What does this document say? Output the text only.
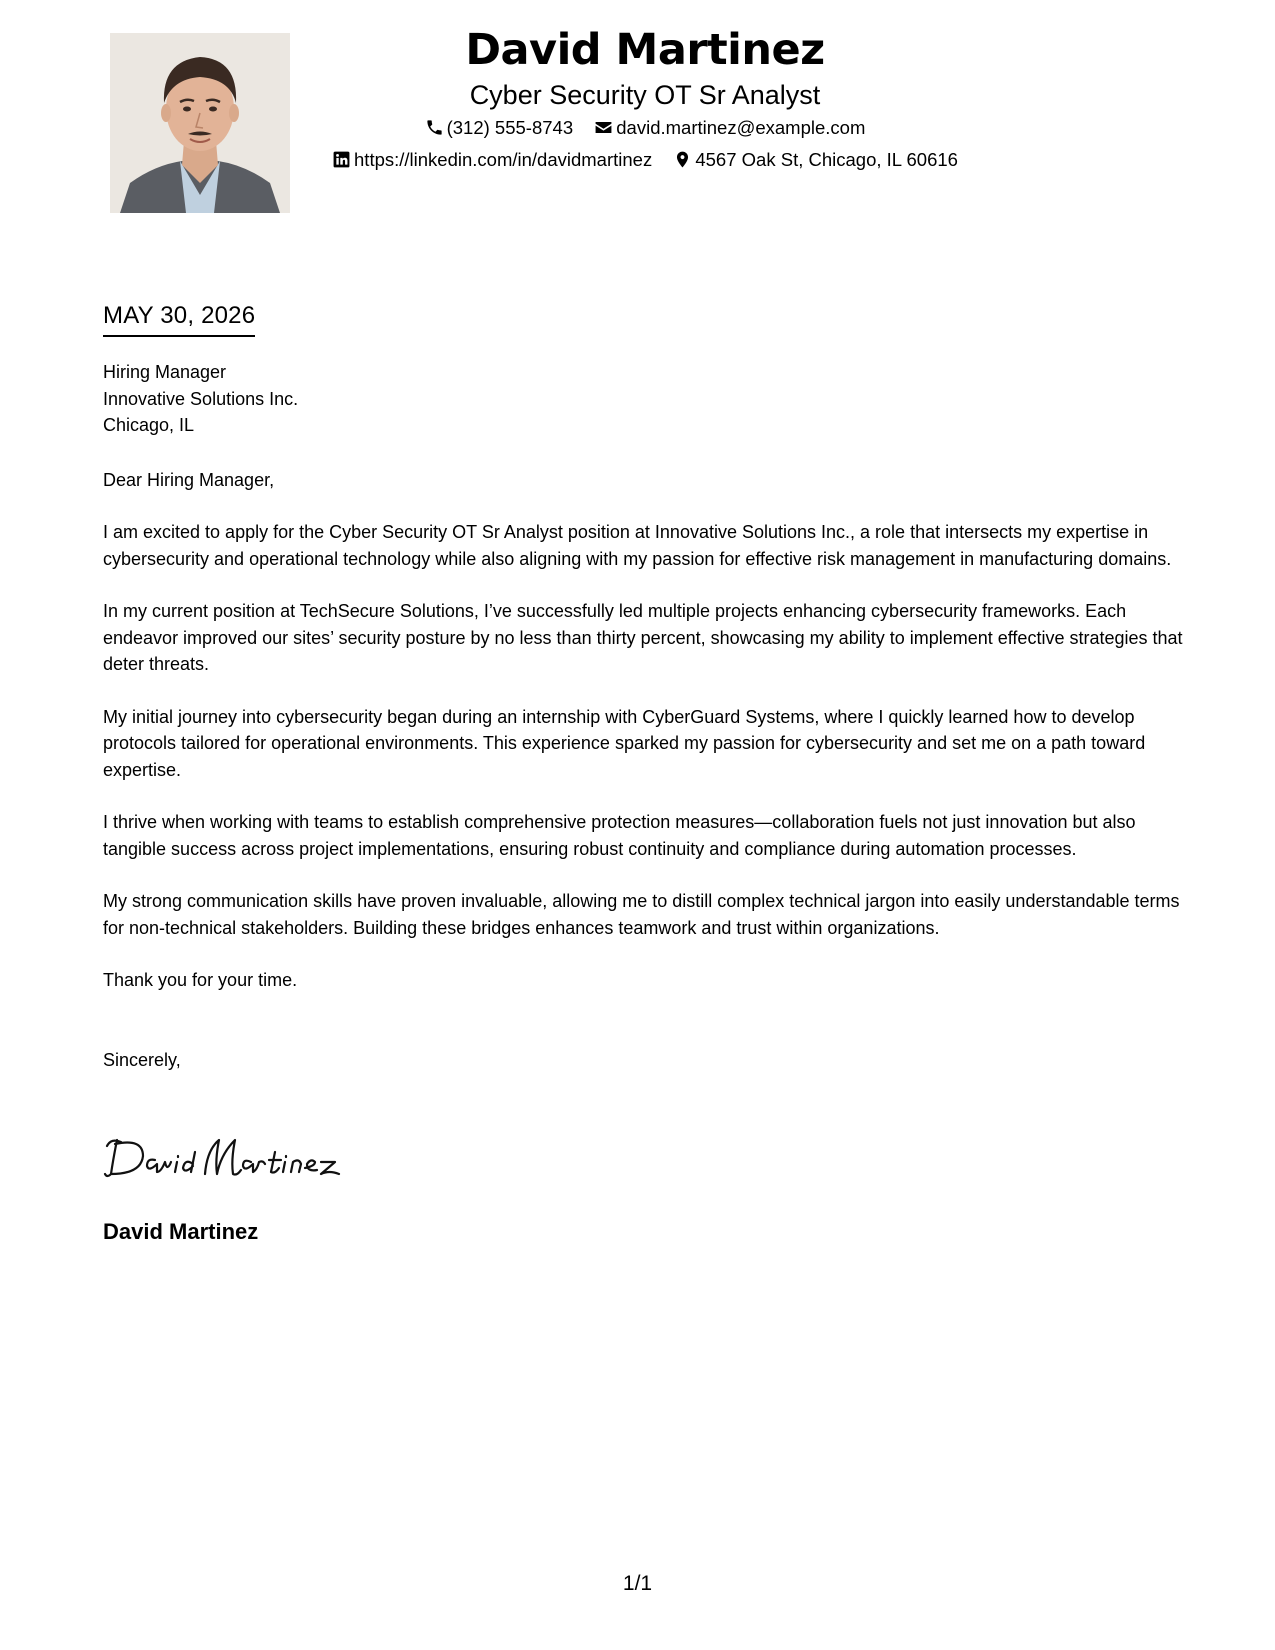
David Martinez
Cyber Security OT Sr Analyst
(312) 555-8743 david.martinez@example.com
https://linkedin.com/in/davidmartinez 4567 Oak St, Chicago, IL 60616
MAY 30, 2026
Hiring Manager
Innovative Solutions Inc.
Chicago, IL

Dear Hiring Manager,

I am excited to apply for the Cyber Security OT Sr Analyst position at Innovative Solutions Inc., a role that intersects my expertise in cybersecurity and operational technology while also aligning with my passion for effective risk management in manufacturing domains.

In my current position at TechSecure Solutions, I’ve successfully led multiple projects enhancing cybersecurity frameworks. Each endeavor improved our sites’ security posture by no less than thirty percent, showcasing my ability to implement effective strategies that deter threats.

My initial journey into cybersecurity began during an internship with CyberGuard Systems, where I quickly learned how to develop protocols tailored for operational environments. This experience sparked my passion for cybersecurity and set me on a path toward expertise.

I thrive when working with teams to establish comprehensive protection measures—collaboration fuels not just innovation but also tangible success across project implementations, ensuring robust continuity and compliance during automation processes.

My strong communication skills have proven invaluable, allowing me to distill complex technical jargon into easily understandable terms for non-technical stakeholders. Building these bridges enhances teamwork and trust within organizations.

Thank you for your time.

Sincerely,

David Martinez
1/1
